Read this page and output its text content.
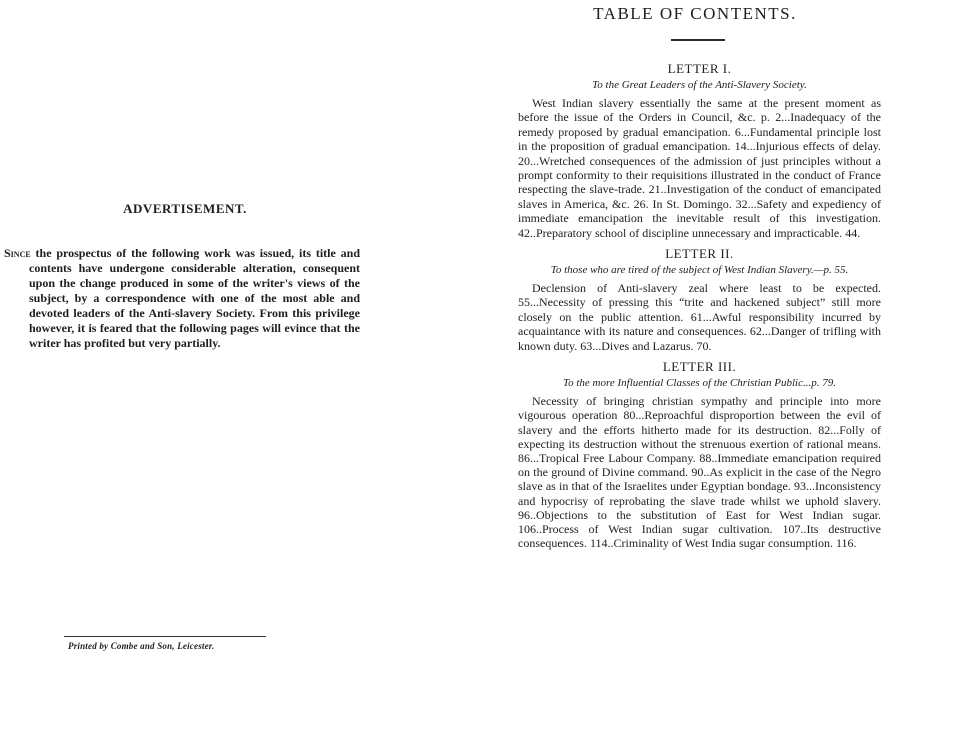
ADVERTISEMENT.

Since the prospectus of the following work was issued, its title and contents have undergone considerable alteration, consequent upon the change produced in some of the writer's views of the subject, by a correspondence with one of the most able and devoted leaders of the Anti-slavery Society. From this privilege however, it is feared that the following pages will evince that the writer has profited but very partially.

Printed by Combe and Son, Leicester.
TABLE OF CONTENTS.

LETTER I.

To the Great Leaders of the Anti-Slavery Society.

West Indian slavery essentially the same at the present moment as before the issue of the Orders in Council, &c. p. 2...Inadequacy of the remedy proposed by gradual emancipation. 6...Fundamental principle lost in the proposition of gradual emancipation. 14...Injurious effects of delay. 20...Wretched consequences of the admission of just principles without a prompt conformity to their requisitions illustrated in the conduct of France respecting the slave-trade. 21..Investigation of the conduct of emancipated slaves in America, &c. 26. In St. Domingo. 32...Safety and expediency of immediate emancipation the inevitable result of this investigation. 42..Preparatory school of discipline unnecessary and impracticable. 44.

LETTER II.

To those who are tired of the subject of West Indian Slavery.—p. 55.

Declension of Anti-slavery zeal where least to be expected. 55...Necessity of pressing this “trite and hackened subject” still more closely on the public attention. 61...Awful responsibility incurred by acquaintance with its nature and consequences. 62...Danger of trifling with known duty. 63...Dives and Lazarus. 70.

LETTER III.

To the more Influential Classes of the Christian Public...p. 79.

Necessity of bringing christian sympathy and principle into more vigourous operation 80...Reproachful disproportion between the evil of slavery and the efforts hitherto made for its destruction. 82...Folly of expecting its destruction without the strenuous exertion of rational means. 86...Tropical Free Labour Company. 88..Immediate emancipation required on the ground of Divine command. 90..As explicit in the case of the Negro slave as in that of the Israelites under Egyptian bondage. 93...Inconsistency and hypocrisy of reprobating the slave trade whilst we uphold slavery. 96..Objections to the substitution of East for West Indian sugar. 106..Process of West Indian sugar cultivation. 107..Its destructive consequences. 114..Criminality of West India sugar consumption. 116.
